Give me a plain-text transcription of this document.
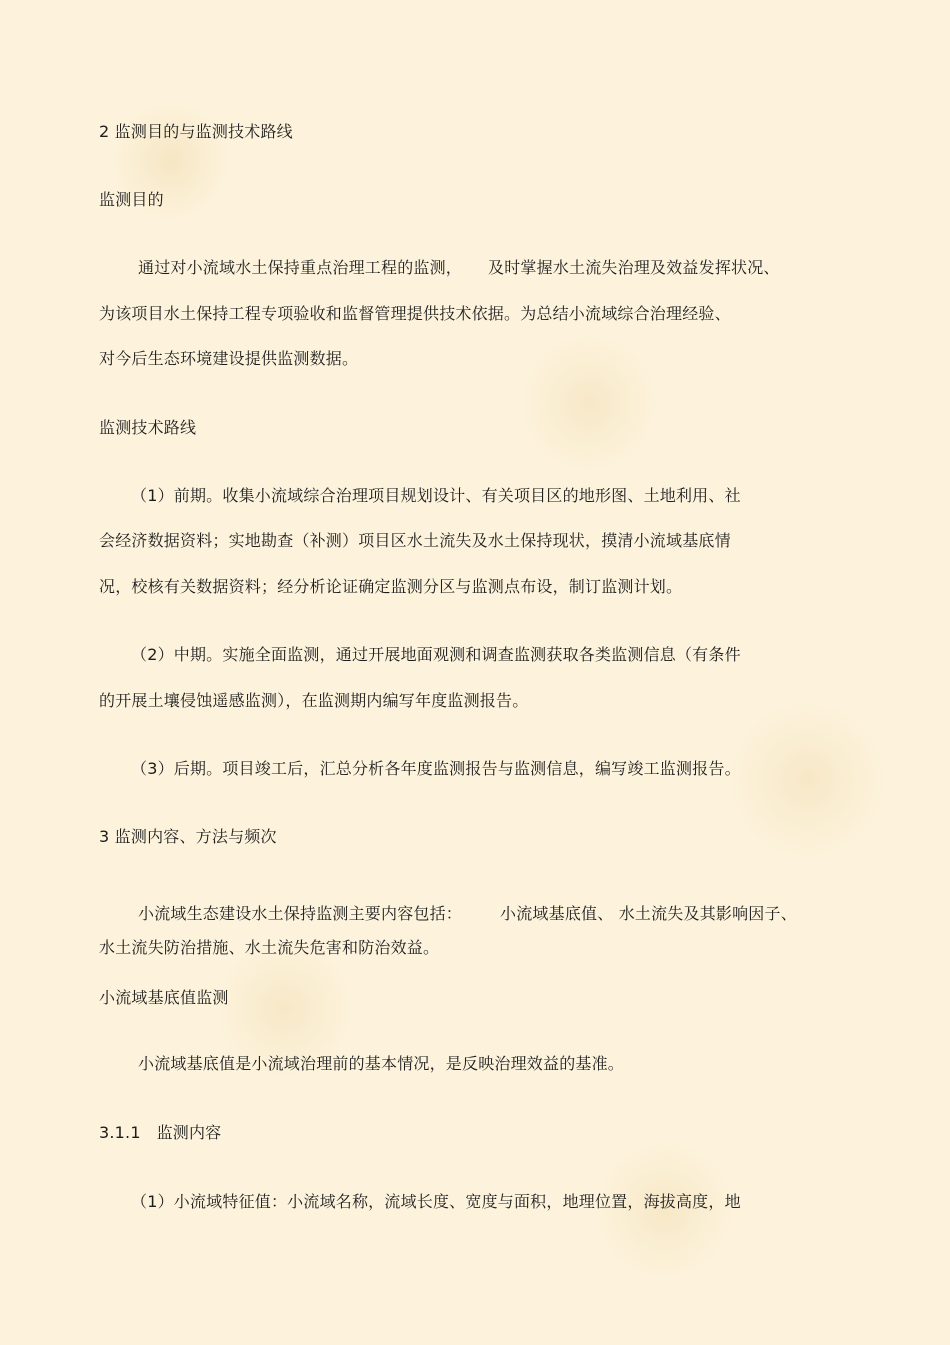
2 监测目的与监测技术路线
监测目的
通过对小流域水土保持重点治理工程的监测， 及时掌握水土流失治理及效益发挥状况、
为该项目水土保持工程专项验收和监督管理提供技术依据。为总结小流域综合治理经验、
对今后生态环境建设提供监测数据。
监测技术路线
（1）前期。收集小流域综合治理项目规划设计、有关项目区的地形图、土地利用、社
会经济数据资料；实地勘查（补测）项目区水土流失及水土保持现状，摸清小流域基底情
况，校核有关数据资料；经分析论证确定监测分区与监测点布设，制订监测计划。
（2）中期。实施全面监测，通过开展地面观测和调查监测获取各类监测信息（有条件
的开展土壤侵蚀遥感监测），在监测期内编写年度监测报告。
（3）后期。项目竣工后，汇总分析各年度监测报告与监测信息，编写竣工监测报告。
3 监测内容、方法与频次
小流域生态建设水土保持监测主要内容包括： 小流域基底值、 水土流失及其影响因子、
水土流失防治措施、水土流失危害和防治效益。
小流域基底值监测
小流域基底值是小流域治理前的基本情况，是反映治理效益的基准。
3.1.1   监测内容
（1）小流域特征值：小流域名称，流域长度、宽度与面积，地理位置，海拔高度，地
